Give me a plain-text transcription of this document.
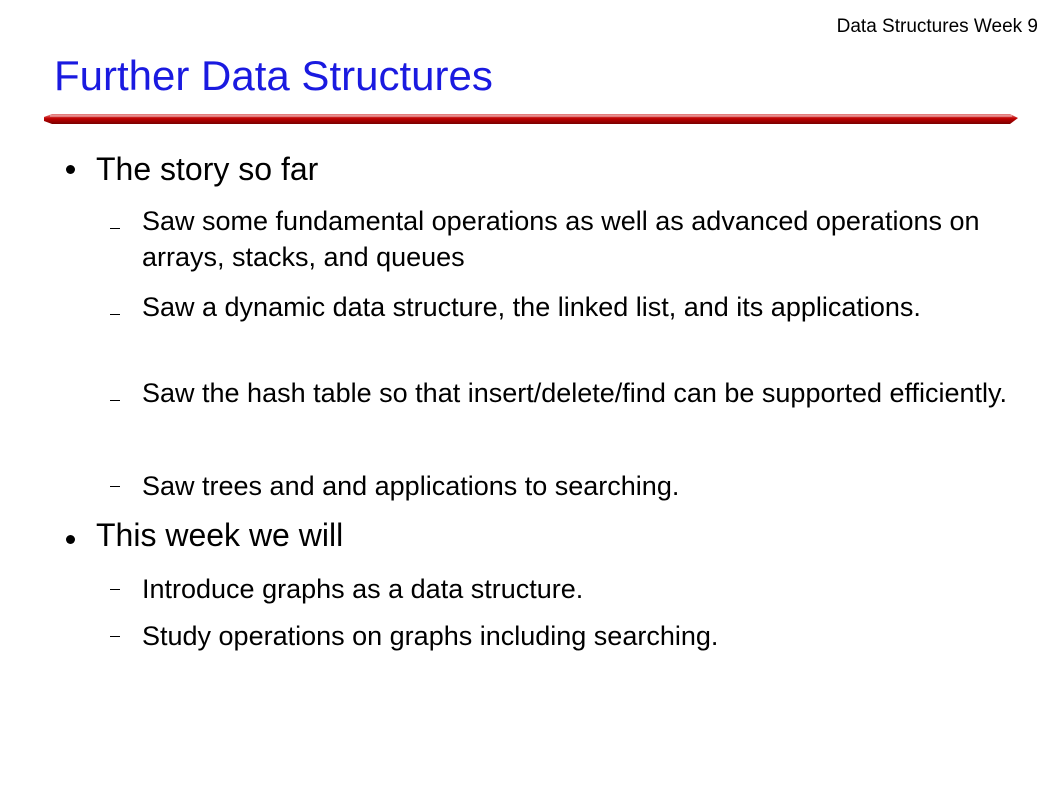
Data Structures Week 9
Further Data Structures
The story so far
Saw some fundamental operations as well as advanced operations on arrays, stacks, and queues
Saw a dynamic data structure, the linked list, and its applications.
Saw the hash table so that insert/delete/find can be supported efficiently.
Saw trees and and applications to searching.
This week we will
Introduce graphs as a data structure.
Study operations on graphs including searching.
